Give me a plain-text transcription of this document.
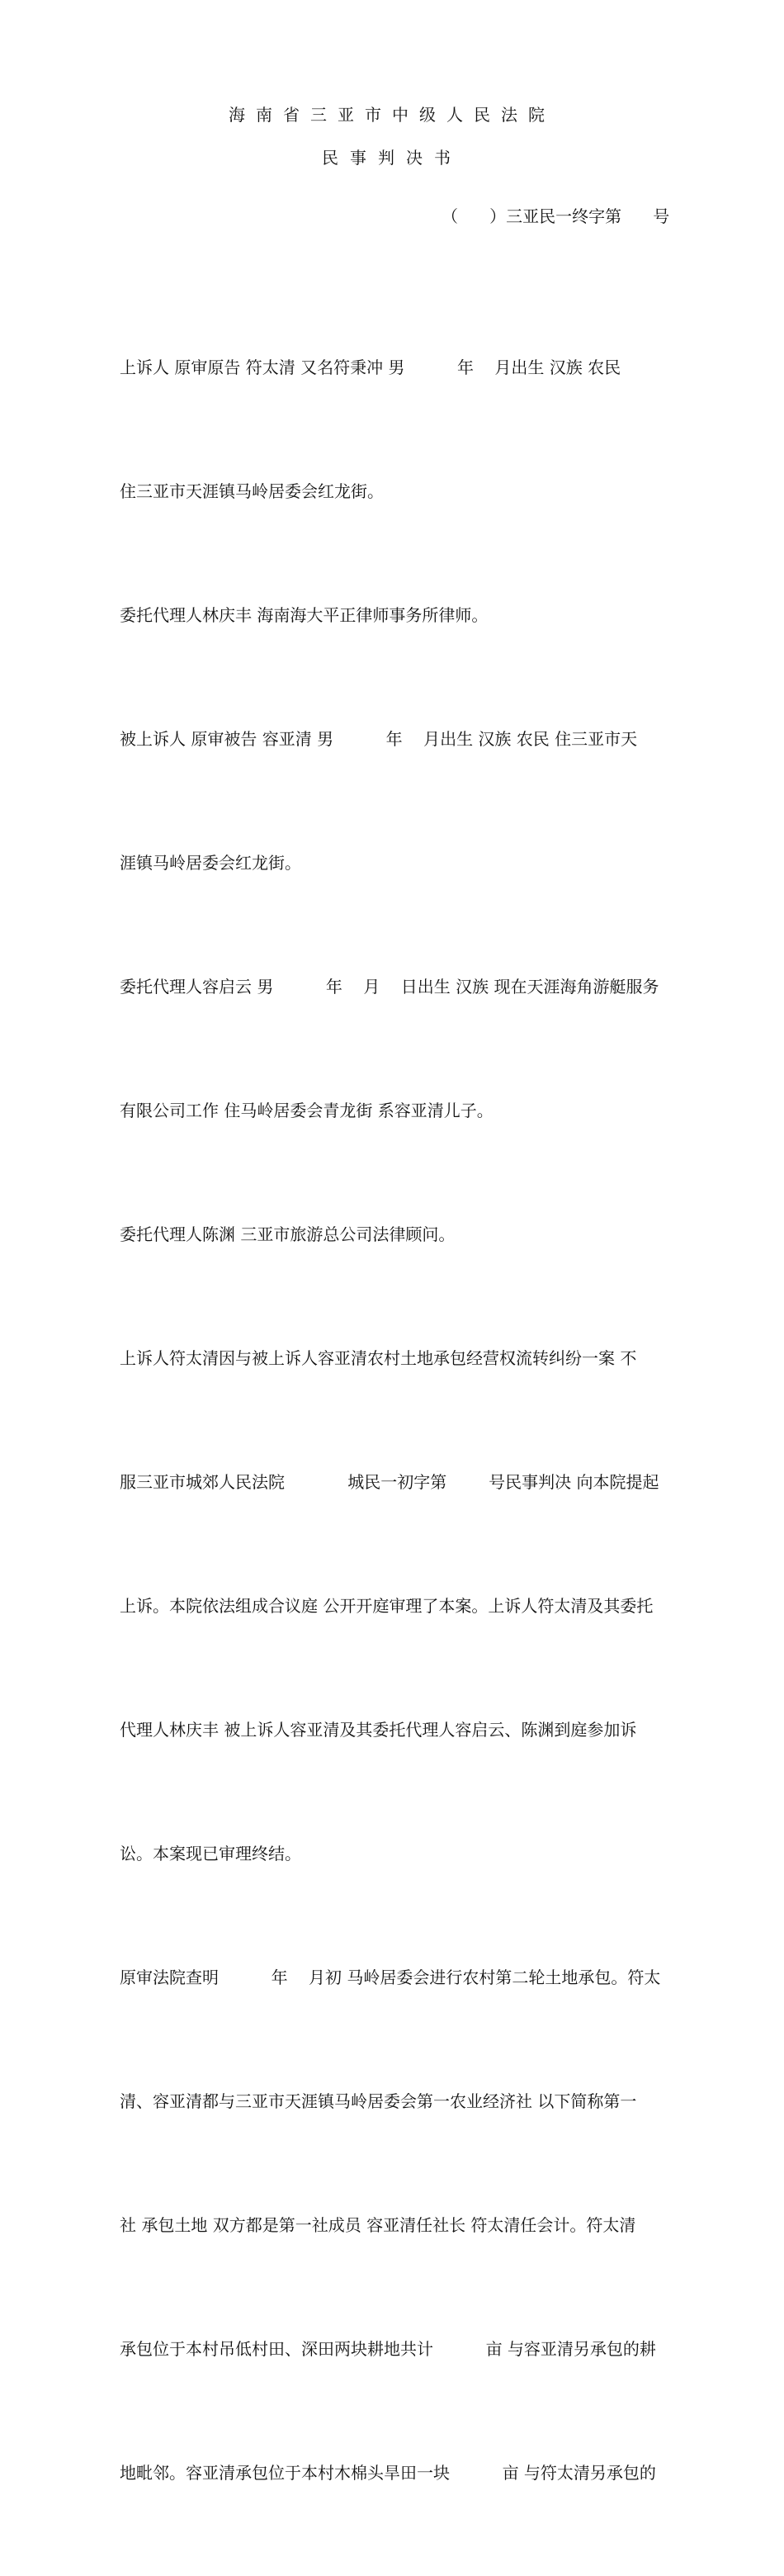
海南省三亚市中级人民法院
民事判决书
（      ）三亚民一终字第      号

上诉人 原审原告 符太清 又名符秉冲 男          年    月出生 汉族 农民

住三亚市天涯镇马岭居委会红龙街。

委托代理人林庆丰 海南海大平正律师事务所律师。

被上诉人 原审被告 容亚清 男          年    月出生 汉族 农民 住三亚市天

涯镇马岭居委会红龙街。

委托代理人容启云 男          年    月    日出生 汉族 现在天涯海角游艇服务

有限公司工作 住马岭居委会青龙街 系容亚清儿子。

委托代理人陈渊 三亚市旅游总公司法律顾问。

上诉人符太清因与被上诉人容亚清农村土地承包经营权流转纠纷一案 不

服三亚市城郊人民法院            城民一初字第        号民事判决 向本院提起

上诉。本院依法组成合议庭 公开开庭审理了本案。上诉人符太清及其委托

代理人林庆丰 被上诉人容亚清及其委托代理人容启云、陈渊到庭参加诉

讼。本案现已审理终结。

原审法院查明          年    月初 马岭居委会进行农村第二轮土地承包。符太

清、容亚清都与三亚市天涯镇马岭居委会第一农业经济社 以下简称第一

社 承包土地 双方都是第一社成员 容亚清任社长 符太清任会计。符太清

承包位于本村吊低村田、深田两块耕地共计          亩 与容亚清另承包的耕

地毗邻。容亚清承包位于本村木棉头旱田一块          亩 与符太清另承包的
